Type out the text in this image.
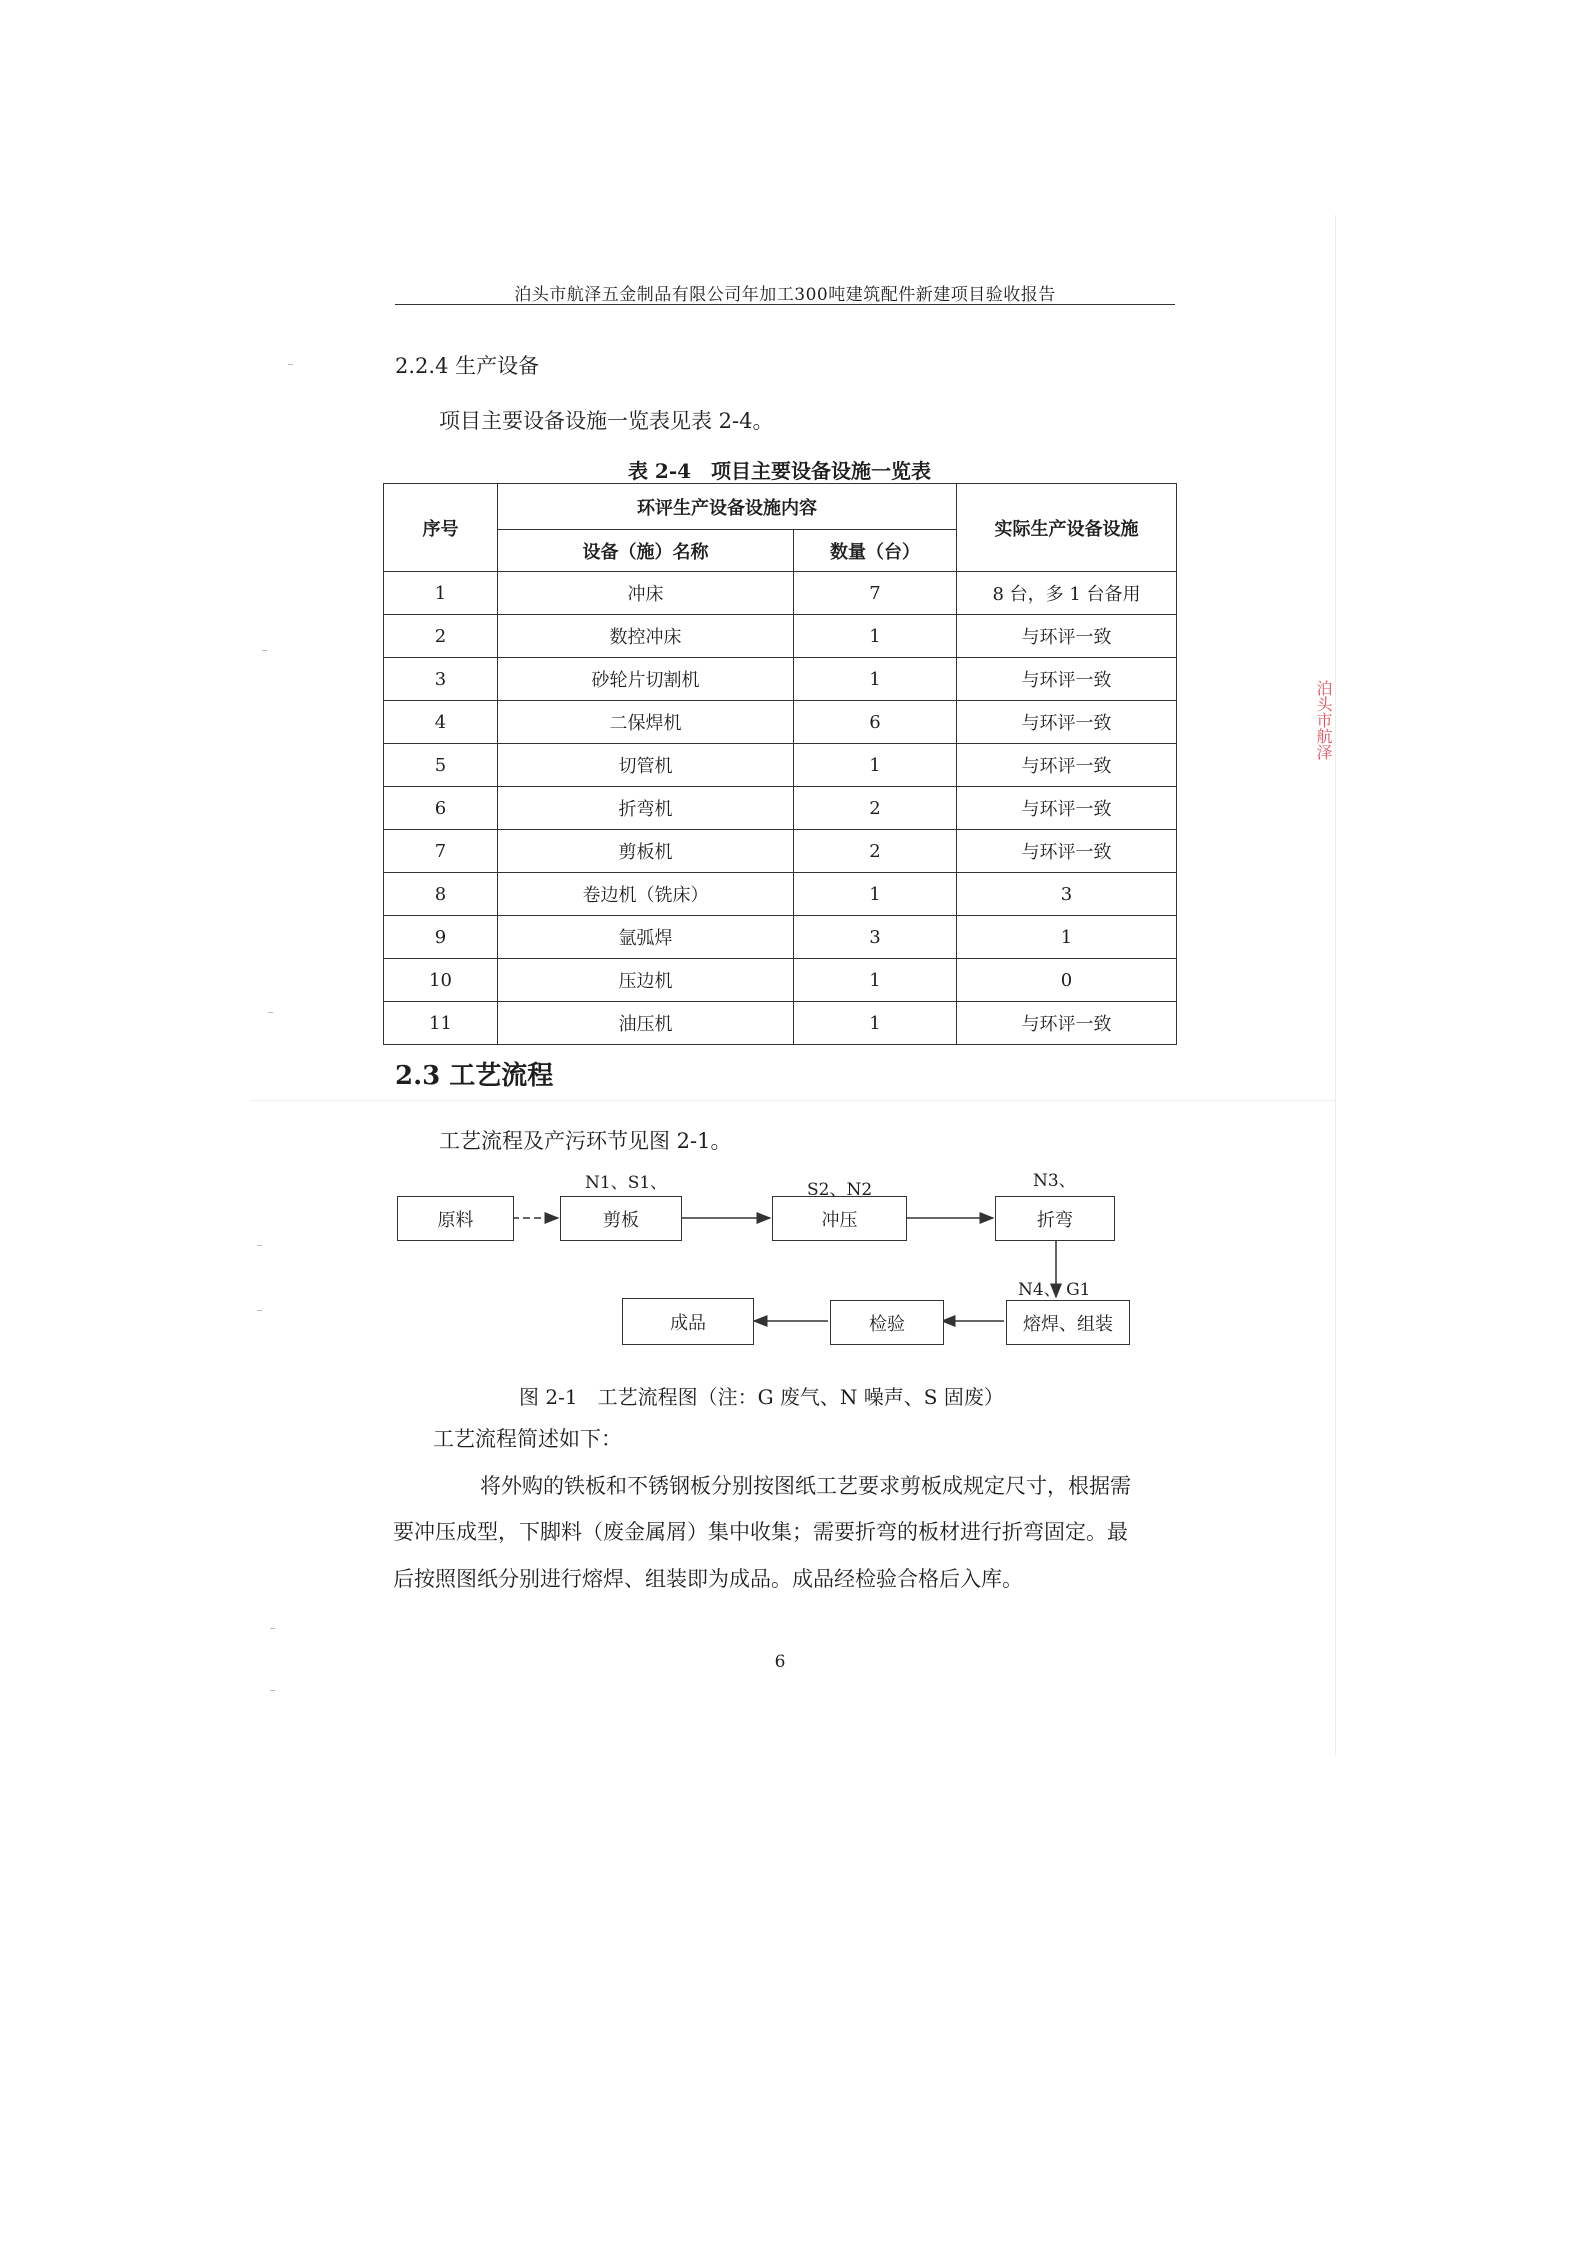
泊头市航泽五金制品有限公司年加工300吨建筑配件新建项目验收报告
2.2.4 生产设备
项目主要设备设施一览表见表 2-4。
表 2-4　项目主要设备设施一览表
序号	环评生产设备设施内容		实际生产设备设施
	设备（施）名称	数量（台）	
1	冲床	7	8 台，多 1 台备用
2	数控冲床	1	与环评一致
3	砂轮片切割机	1	与环评一致
4	二保焊机	6	与环评一致
5	切管机	1	与环评一致
6	折弯机	2	与环评一致
7	剪板机	2	与环评一致
8	卷边机（铣床）	1	3
9	氩弧焊	3	1
10	压边机	1	0
11	油压机	1	与环评一致
2.3 工艺流程
工艺流程及产污环节见图 2-1。
原料	剪板	冲压	折弯
熔焊、组装
检验
成品
N1、S1、	S2、N2	N3、
N4、 G1
图 2-1　工艺流程图（注：G 废气、N 噪声、S 固废）
工艺流程简述如下：
将外购的铁板和不锈钢板分别按图纸工艺要求剪板成规定尺寸，根据需
要冲压成型，下脚料（废金属屑）集中收集；需要折弯的板材进行折弯固定。最
后按照图纸分别进行熔焊、组装即为成品。成品经检验合格后入库。
6
泊头市航泽
